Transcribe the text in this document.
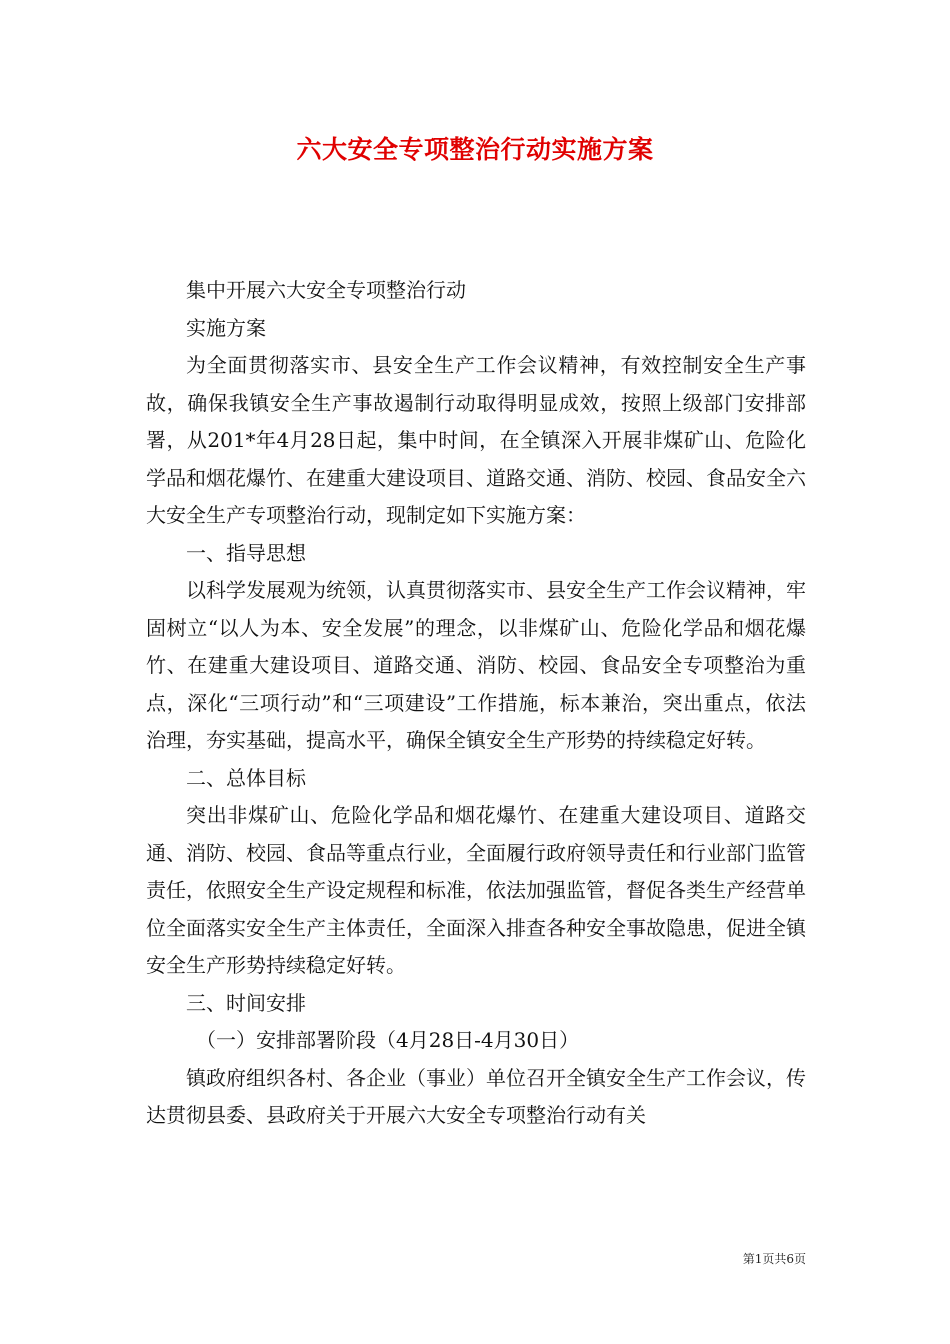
六大安全专项整治行动实施方案

集中开展六大安全专项整治行动

实施方案

为全面贯彻落实市、县安全生产工作会议精神，有效控制安全生产事故，确保我镇安全生产事故遏制行动取得明显成效，按照上级部门安排部署，从201*年4月28日起，集中时间，在全镇深入开展非煤矿山、危险化学品和烟花爆竹、在建重大建设项目、道路交通、消防、校园、食品安全六大安全生产专项整治行动，现制定如下实施方案：

一、指导思想

以科学发展观为统领，认真贯彻落实市、县安全生产工作会议精神，牢固树立“以人为本、安全发展”的理念，以非煤矿山、危险化学品和烟花爆竹、在建重大建设项目、道路交通、消防、校园、食品安全专项整治为重点，深化“三项行动”和“三项建设”工作措施，标本兼治，突出重点，依法治理，夯实基础，提高水平，确保全镇安全生产形势的持续稳定好转。

二、总体目标

突出非煤矿山、危险化学品和烟花爆竹、在建重大建设项目、道路交通、消防、校园、食品等重点行业，全面履行政府领导责任和行业部门监管责任，依照安全生产设定规程和标准，依法加强监管，督促各类生产经营单位全面落实安全生产主体责任，全面深入排查各种安全事故隐患，促进全镇安全生产形势持续稳定好转。

三、时间安排

（一）安排部署阶段（4月28日-4月30日）

镇政府组织各村、各企业（事业）单位召开全镇安全生产工作会议，传达贯彻县委、县政府关于开展六大安全专项整治行动有关

第1页共6页
